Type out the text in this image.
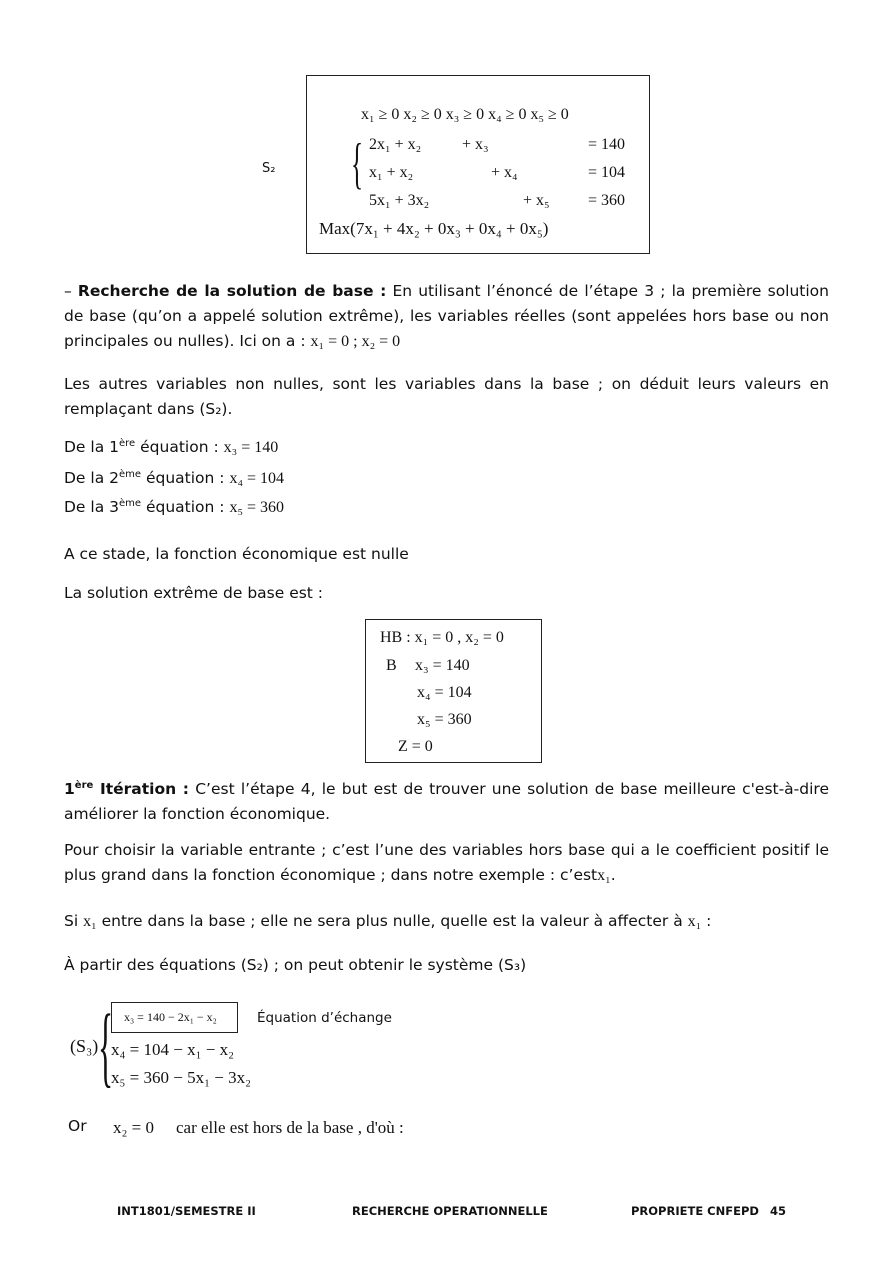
S₂
x₁ ≥ 0 x₂ ≥ 0 x₃ ≥ 0 x₄ ≥ 0 x₅ ≥ 0
{ 2x₁ + x₂	+ x₃	= 140
x₁ + x₂	+ x₄	= 104
5x₁ + 3x₂	+ x₅ = 360
Max(7x₁ + 4x₂ + 0x₃ + 0x₄ + 0x₅)
– Recherche de la solution de base : En utilisant l’énoncé de l’étape 3 ; la première solution de base (qu’on a appelé solution extrême), les variables réelles (sont appelées hors base ou non principales ou nulles). Ici on a : x₁ = 0 ; x₂ = 0
Les autres variables non nulles, sont les variables dans la base ; on déduit leurs valeurs en remplaçant dans (S₂).
De la 1ère équation : x₃ = 140
De la 2ème équation : x₄ = 104
De la 3ème équation : x₅ = 360
A ce stade, la fonction économique est nulle
La solution extrême de base est :
HB : x₁ = 0 , x₂ = 0
B x₃ = 140
x₄ = 104
x₅ = 360
Z = 0
1ère Itération : C’est l’étape 4, le but est de trouver une solution de base meilleure c'est-à-dire améliorer la fonction économique.
Pour choisir la variable entrante ; c’est l’une des variables hors base qui a le coefficient positif le plus grand dans la fonction économique ; dans notre exemple : c’estx₁.
Si x₁ entre dans la base ; elle ne sera plus nulle, quelle est la valeur à affecter à x₁ :
À partir des équations (S₂) ; on peut obtenir le système (S₃)
(S₃) { x₃ = 140 − 2x₁ − x₂	Équation d’échange
x₄ = 104 − x₁ − x₂
x₅ = 360 − 5x₁ − 3x₂
Or x₂ = 0 car elle est hors de la base , d'où :
INT1801/SEMESTRE II	RECHERCHE OPERATIONNELLE	PROPRIETE CNFEPD 45
